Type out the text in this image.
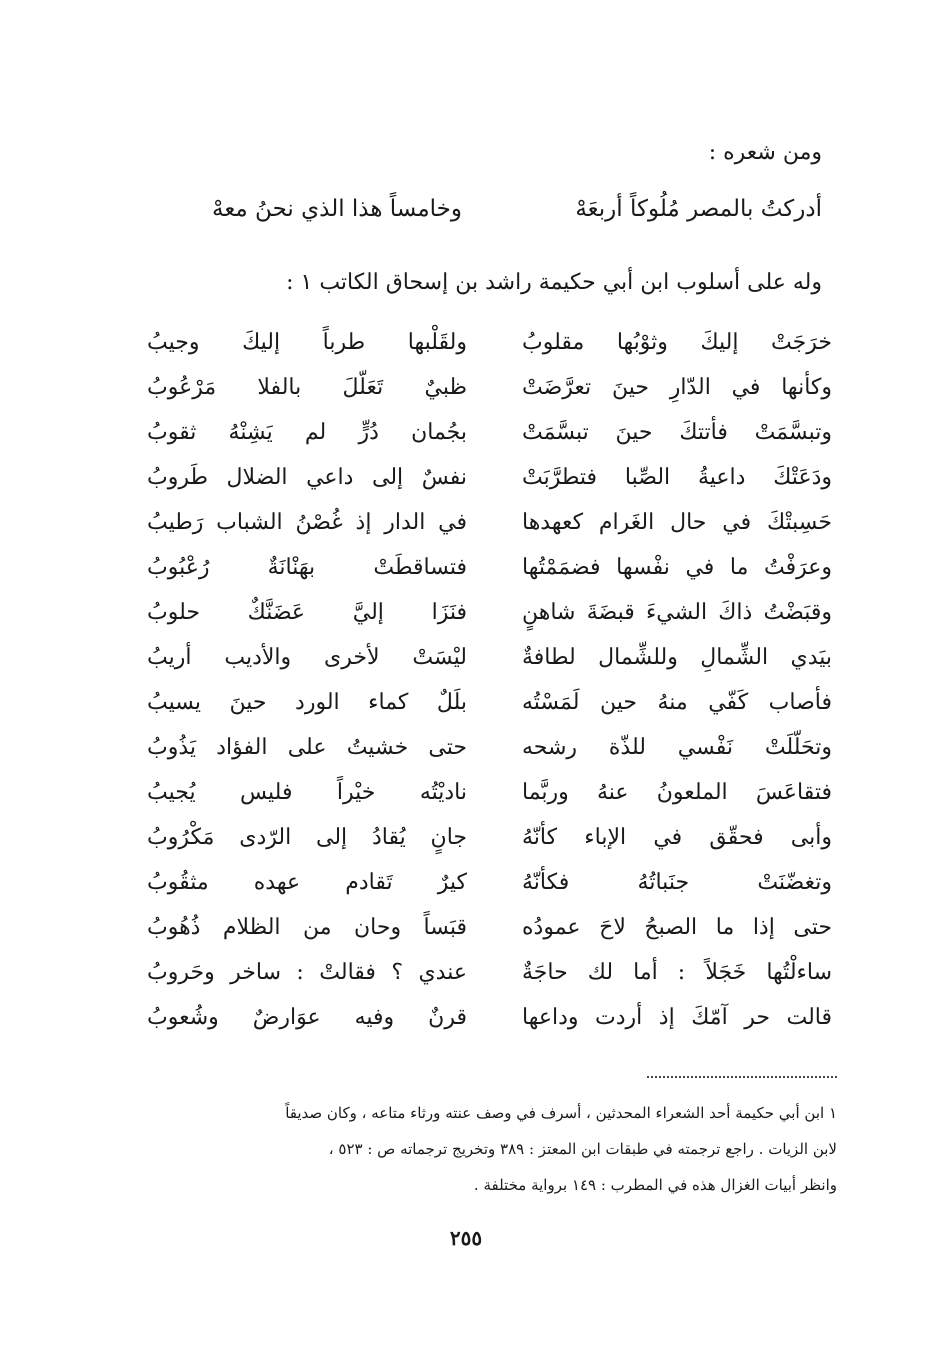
ومن شعره :
أدركتُ بالمصر مُلُوكاً أربعَهْ
وخامساً هذا الذي نحنُ معهْ
وله على أسلوب ابن أبي حكيمة راشد بن إسحاق الكاتب ١ :
خرَجَتْ إليكَ وثوْبُها مقلوبُ
ولقَلْبها طرباً إليكَ وجيبُ
وكأنها في الدّارِ حينَ تعرَّضَتْ
ظبيٌ تَعَلّلَ بالفلا مَرْعُوبُ
وتبسَّمَتْ فأتتكَ حينَ تبسَّمَتْ
بجُمان دُرٍّ لم يَشِنْهُ ثقوبُ
ودَعَتْكَ داعيةُ الصِّبا فتطرَّبَتْ
نفسٌ إلى داعي الضلال طَروبُ
حَسِبتْكَ في حال الغَرام كعهدها
في الدار إذ غُصْنُ الشباب رَطيبُ
وعرَفْتُ ما في نفْسها فضمَمْتُها
فتساقطَتْ بهَنْانَةٌ رُعْبُوبُ
وقبَضْتُ ذاكَ الشيءَ قبضَةَ شاهنٍ
فنَزَا إليَّ عَضَنَّكٌ حلوبُ
بيَدي الشِّمالِ وللشِّمال لطافةٌ
ليْسَتْ لأخرى والأديب أريبُ
فأصاب كَفّي منهُ حين لَمَسْتُه
بلَلٌ كماء الورد حينَ يسيبُ
وتحَلّلَتْ نَفْسي للذّة رشحه
حتى خشيتُ على الفؤاد يَذُوبُ
فتقاعَسَ الملعونُ عنهُ وربَّما
ناديْتُه خيْراً فليس يُجيبُ
وأبى فحقّق في الإباء كأنّهُ
جانٍ يُقادُ إلى الرّدى مَكْرُوبُ
وتغضّنَتْ جنَباتُهُ فكأنّهُ
كيرٌ تَقادم عهده مثقُوبُ
حتى إذا ما الصبحُ لاحَ عمودُه
قبَساً وحان من الظلام ذُهُوبُ
ساءلْتُها خَجَلاً : أما لك حاجَةٌ
عندي ؟ فقالتْ : ساخر وحَروبُ
قالت حر آمّكَ إذ أردت وداعها
قرنٌ وفيه عوَارضٌ وشُعوبُ
١ ابن أبي حكيمة أحد الشعراء المحدثين ، أسرف في وصف عنته ورثاء متاعه ، وكان صديقاً
لابن الزيات . راجع ترجمته في طبقات ابن المعتز : ٣٨٩ وتخريج ترجماته ص : ٥٢٣ ،
وانظر أبيات الغزال هذه في المطرب : ١٤٩ برواية مختلفة .
٢٥٥
